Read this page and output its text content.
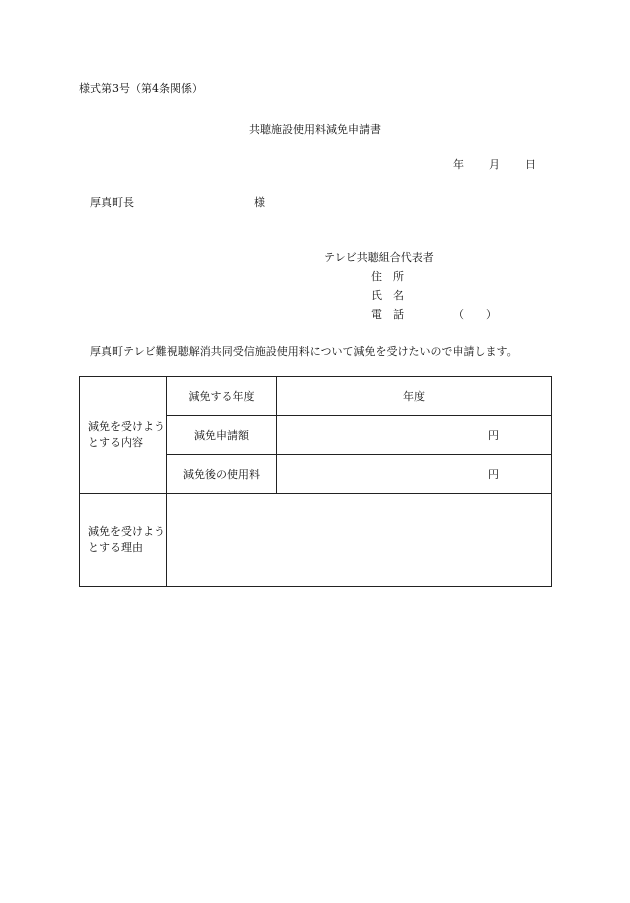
様式第3号（第4条関係）
共聴施設使用料減免申請書
年 月 日
厚真町長	様
テレビ共聴組合代表者
住　所
氏　名
電　話	（　　）
厚真町テレビ難視聴解消共同受信施設使用料について減免を受けたいので申請します。
減免を受けようとする内容	減免する年度	年度
	減免申請額	円
	減免後の使用料	円
減免を受けようとする理由		
